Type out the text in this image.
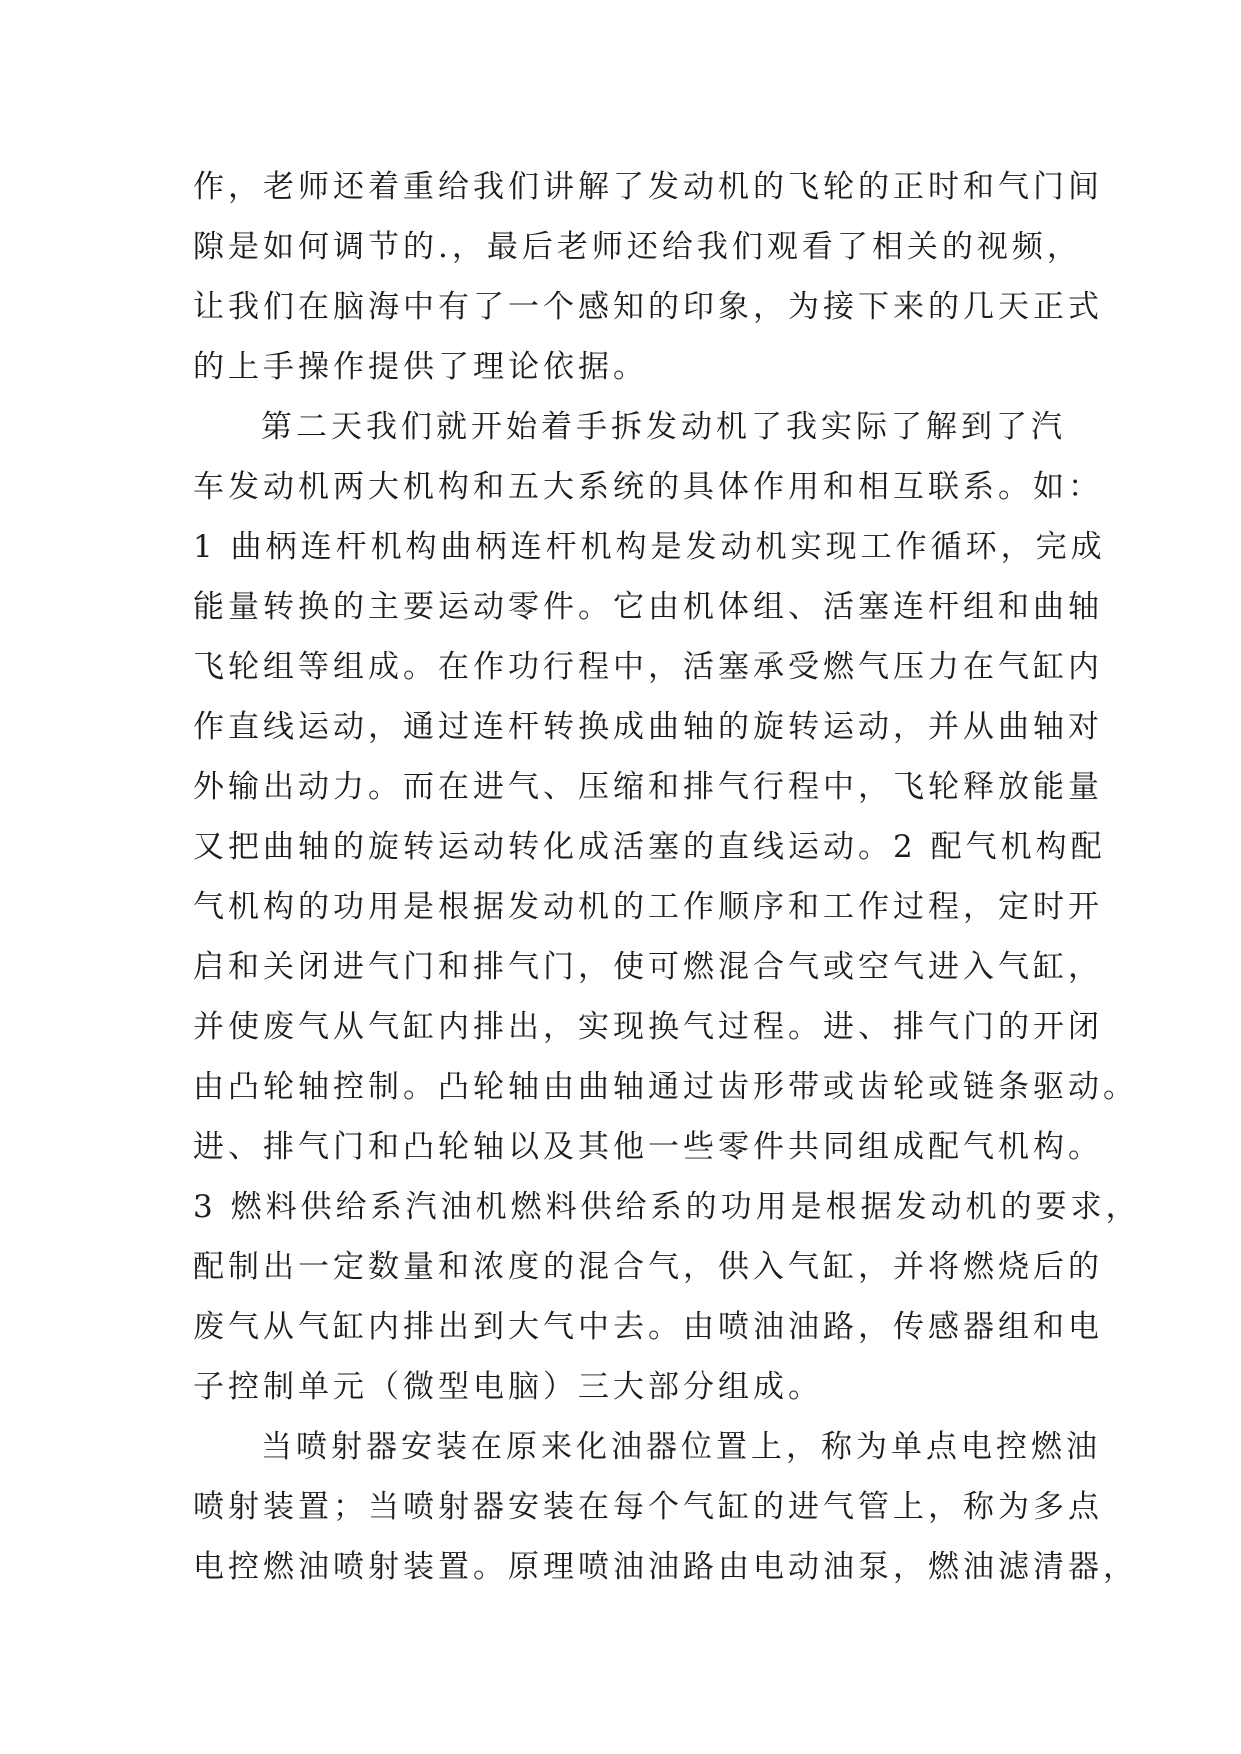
作，老师还着重给我们讲解了发动机的飞轮的正时和气门间
隙是如何调节的.，最后老师还给我们观看了相关的视频，
让我们在脑海中有了一个感知的印象，为接下来的几天正式
的上手操作提供了理论依据。
第二天我们就开始着手拆发动机了我实际了解到了汽
车发动机两大机构和五大系统的具体作用和相互联系。如：
1 曲柄连杆机构曲柄连杆机构是发动机实现工作循环，完成
能量转换的主要运动零件。它由机体组、活塞连杆组和曲轴
飞轮组等组成。在作功行程中，活塞承受燃气压力在气缸内
作直线运动，通过连杆转换成曲轴的旋转运动，并从曲轴对
外输出动力。而在进气、压缩和排气行程中，飞轮释放能量
又把曲轴的旋转运动转化成活塞的直线运动。2 配气机构配
气机构的功用是根据发动机的工作顺序和工作过程，定时开
启和关闭进气门和排气门，使可燃混合气或空气进入气缸，
并使废气从气缸内排出，实现换气过程。进、排气门的开闭
由凸轮轴控制。凸轮轴由曲轴通过齿形带或齿轮或链条驱动。
进、排气门和凸轮轴以及其他一些零件共同组成配气机构。
3 燃料供给系汽油机燃料供给系的功用是根据发动机的要求，
配制出一定数量和浓度的混合气，供入气缸，并将燃烧后的
废气从气缸内排出到大气中去。由喷油油路，传感器组和电
子控制单元（微型电脑）三大部分组成。
当喷射器安装在原来化油器位置上，称为单点电控燃油
喷射装置；当喷射器安装在每个气缸的进气管上，称为多点
电控燃油喷射装置。原理喷油油路由电动油泵，燃油滤清器，
